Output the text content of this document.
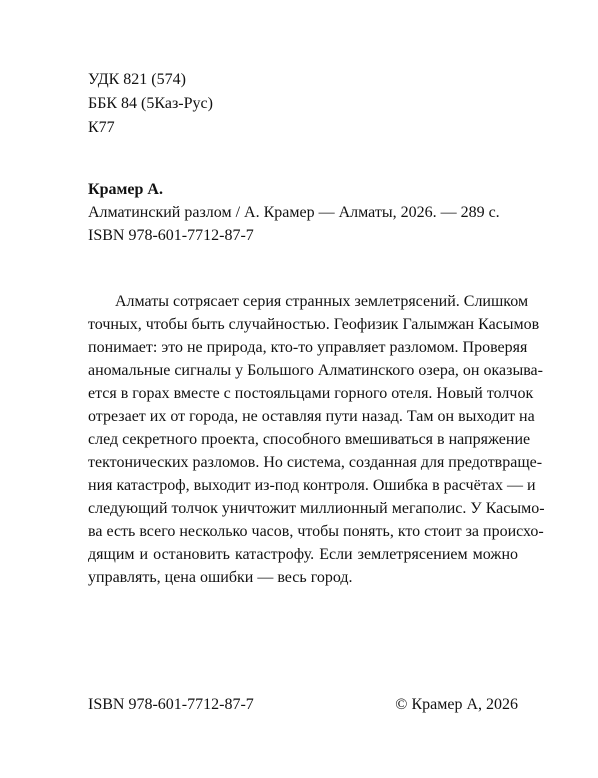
УДК 821 (574)
ББК 84 (5Каз-Рус)
К77
Крамер А.
Алматинский разлом / А. Крамер — Алматы, 2026. — 289 с.
ISBN 978-601-7712-87-7
Алматы сотрясает серия странных землетрясений. Слишком
точных, чтобы быть случайностью. Геофизик Галымжан Касымов
понимает: это не природа, кто-то управляет разломом. Проверяя
аномальные сигналы у Большого Алматинского озера, он оказыва-
ется в горах вместе с постояльцами горного отеля. Новый толчок
отрезает их от города, не оставляя пути назад. Там он выходит на
след секретного проекта, способного вмешиваться в напряжение
тектонических разломов. Но система, созданная для предотвраще-
ния катастроф, выходит из-под контроля. Ошибка в расчётах — и
следующий толчок уничтожит миллионный мегаполис. У Касымо-
ва есть всего несколько часов, чтобы понять, кто стоит за происхо-
дящим и остановить катастрофу. Если землетрясением можно
управлять, цена ошибки — весь город.
ISBN 978-601-7712-87-7	© Крамер А, 2026
